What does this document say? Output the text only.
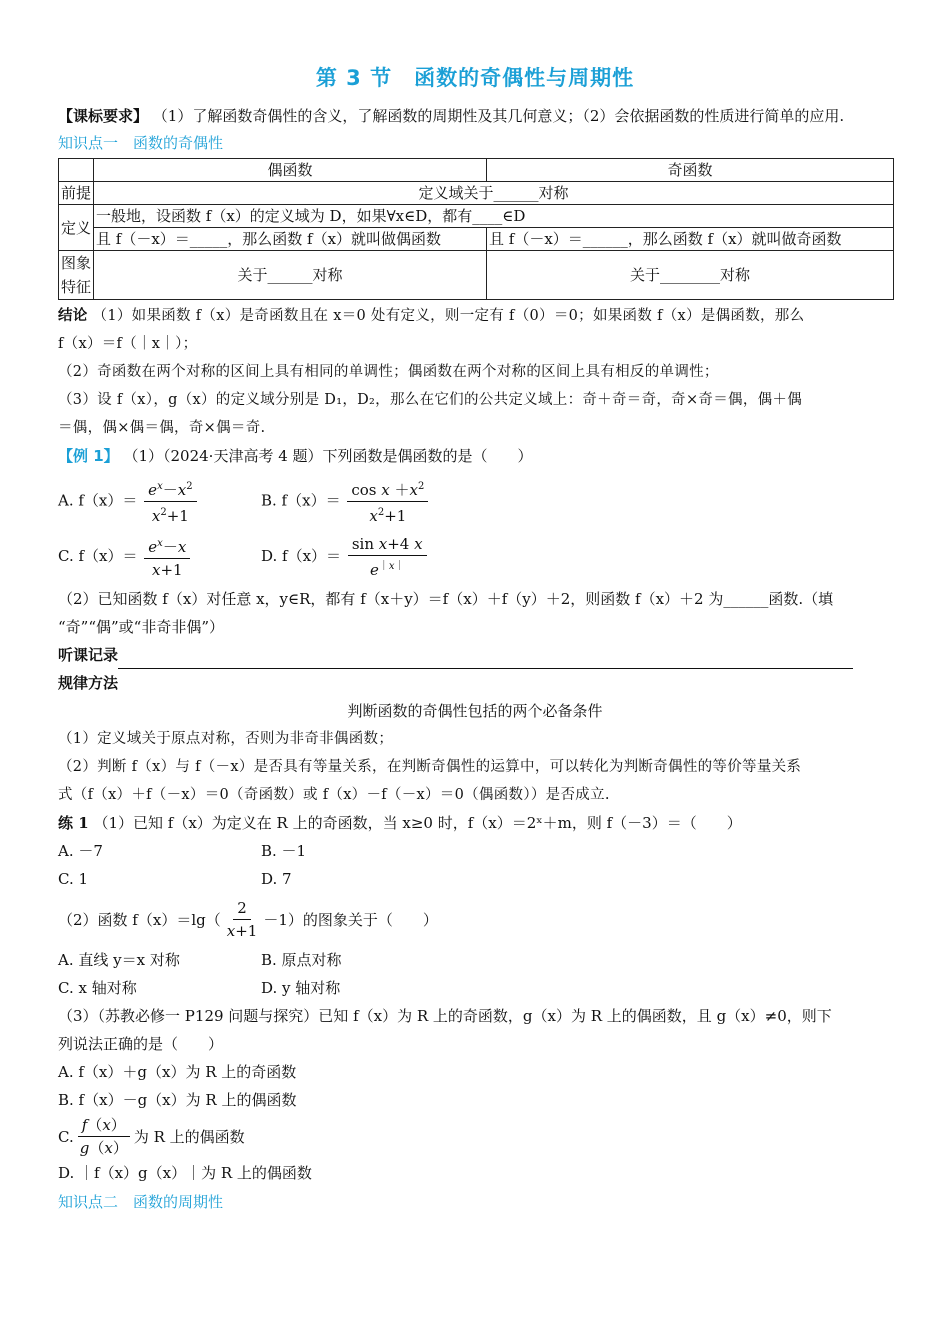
第 3 节　函数的奇偶性与周期性

【课标要求】 （1）了解函数奇偶性的含义，了解函数的周期性及其几何意义；（2）会依据函数的性质进行简单的应用.

知识点一　函数的奇偶性
	偶函数	奇函数
前提	定义域关于______对称	
定义	一般地，设函数 f（x）的定义域为 D，如果∀x∈D，都有____∈D	
	且 f（－x）＝_____，那么函数 f（x）就叫做偶函数	且 f（－x）＝______，那么函数 f（x）就叫做奇函数
图象
特征	关于______对称	关于________对称

结论 （1）如果函数 f（x）是奇函数且在 x＝0 处有定义，则一定有 f（0）＝0；如果函数 f（x）是偶函数，那么

f（x）＝f（｜x｜）；

（2）奇函数在两个对称的区间上具有相同的单调性；偶函数在两个对称的区间上具有相反的单调性；

（3）设 f（x），g（x）的定义域分别是 D₁，D₂，那么在它们的公共定义域上：奇＋奇＝奇，奇×奇＝偶，偶＋偶

＝偶，偶×偶＝偶，奇×偶＝奇.

【例 1】 （1）（2024·天津高考 4 题）下列函数是偶函数的是（　　）

A. $f(x)= \frac{e^x-x^2}{x^2+1}$	B. $f(x)= \frac{\cos x +x^2}{x^2+1}$
C. $f(x)= \frac{e^x-x}{x+1}$	D. $f(x)= \frac{\text{sin x+4 x}}{e^{|x|}}$

（2）已知函数 f（x）对任意 x，y∈R，都有 f（x＋y）＝f（x）＋f（y）＋2，则函数 f（x）＋2 为______函数.（填

“奇”“偶”或“非奇非偶”）

听课记录

规律方法

判断函数的奇偶性包括的两个必备条件

（1）定义域关于原点对称，否则为非奇非偶函数；

（2）判断 f（x）与 f（－x）是否具有等量关系，在判断奇偶性的运算中，可以转化为判断奇偶性的等价等量关系

式（f（x）＋f（－x）＝0（奇函数）或 f（x）－f（－x）＝0（偶函数））是否成立.

练 1 （1）已知 f（x）为定义在 R 上的奇函数，当 x≥0 时，f（x）＝2ˣ＋m，则 f（－3）＝（　　）

A. －7	B. －1
C. 1	D. 7
（2）函数 $f(x)=\lg( \frac{2}{x+1} -1)$的图象关于（　　）
A. 直线 y＝x 对称	B. 原点对称
C. x 轴对称	D. y 轴对称

（3）（苏教必修一 P129 问题与探究）已知 f（x）为 R 上的奇函数，g（x）为 R 上的偶函数，且 g（x）≠0，则下

列说法正确的是（　　）

A. f（x）＋g（x）为 R 上的奇函数

B. f（x）－g（x）为 R 上的偶函数

C. $\frac{f(x)}{g(x)}$ 为 R 上的偶函数

D. ｜f（x）g（x）｜为 R 上的偶函数

知识点二　函数的周期性
